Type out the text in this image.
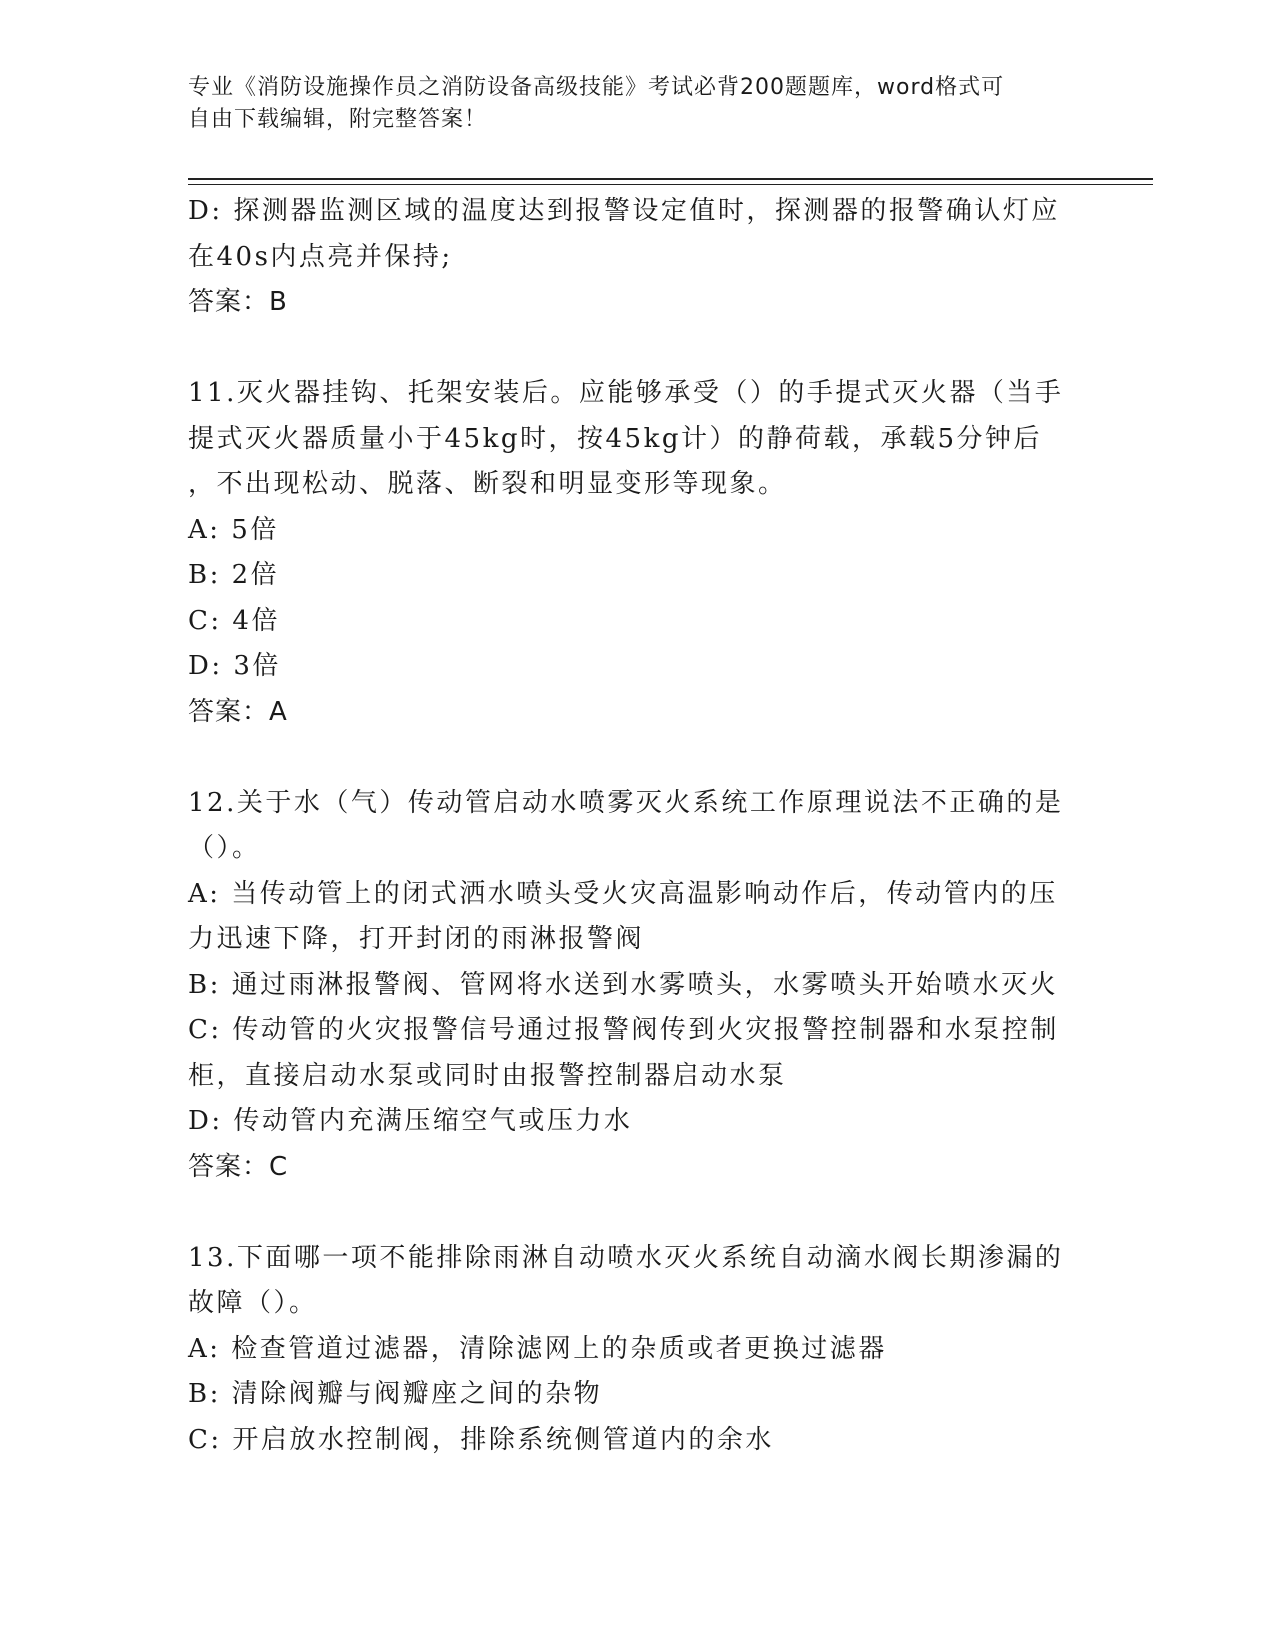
专业《消防设施操作员之消防设备高级技能》考试必背200题题库，word格式可
自由下载编辑，附完整答案！
D: 探测器监测区域的温度达到报警设定值时，探测器的报警确认灯应
在40s内点亮并保持;
答案：B
11.灭火器挂钩、托架安装后。应能够承受（）的手提式灭火器（当手
提式灭火器质量小于45kg时，按45kg计）的静荷载，承载5分钟后
，不出现松动、脱落、断裂和明显变形等现象。
A: 5倍
B: 2倍
C: 4倍
D: 3倍
答案：A
12.关于水（气）传动管启动水喷雾灭火系统工作原理说法不正确的是
（）。
A: 当传动管上的闭式洒水喷头受火灾高温影响动作后，传动管内的压
力迅速下降，打开封闭的雨淋报警阀
B: 通过雨淋报警阀、管网将水送到水雾喷头，水雾喷头开始喷水灭火
C: 传动管的火灾报警信号通过报警阀传到火灾报警控制器和水泵控制
柜，直接启动水泵或同时由报警控制器启动水泵
D: 传动管内充满压缩空气或压力水
答案：C
13.下面哪一项不能排除雨淋自动喷水灭火系统自动滴水阀长期渗漏的
故障（）。
A: 检查管道过滤器，清除滤网上的杂质或者更换过滤器
B: 清除阀瓣与阀瓣座之间的杂物
C: 开启放水控制阀，排除系统侧管道内的余水
